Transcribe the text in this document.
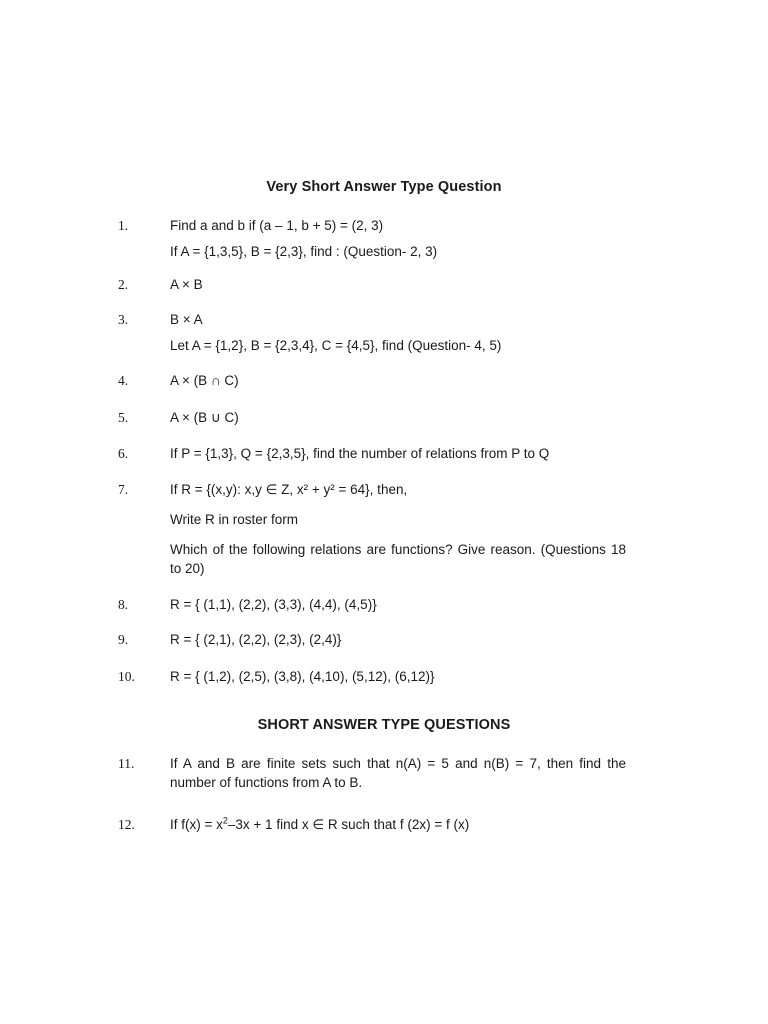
Very Short Answer Type Question
1.	Find a and b if (a – 1, b + 5) = (2, 3)
If A = {1,3,5}, B = {2,3}, find : (Question- 2, 3)
2.	A × B
3.	B × A
Let A = {1,2}, B = {2,3,4}, C = {4,5}, find (Question- 4, 5)
4.	A × (B ∩ C)
5.	A × (B ∪ C)
6.	If P = {1,3}, Q = {2,3,5}, find the number of relations from P to Q
7.	If R = {(x,y): x,y ∈ Z, x² + y² = 64}, then,
Write R in roster form
Which of the following relations are functions? Give reason. (Questions 18 to 20)
8.	R = { (1,1), (2,2), (3,3), (4,4), (4,5)}
9.	R = { (2,1), (2,2), (2,3), (2,4)}
10.	R = { (1,2), (2,5), (3,8), (4,10), (5,12), (6,12)}
SHORT ANSWER TYPE QUESTIONS
11.	If A and B are finite sets such that n(A) = 5 and n(B) = 7, then find the number of functions from A to B.
12.	If $f(x) = x^2-3x + 1$ find x ∈ R such that f (2x) = f (x)
